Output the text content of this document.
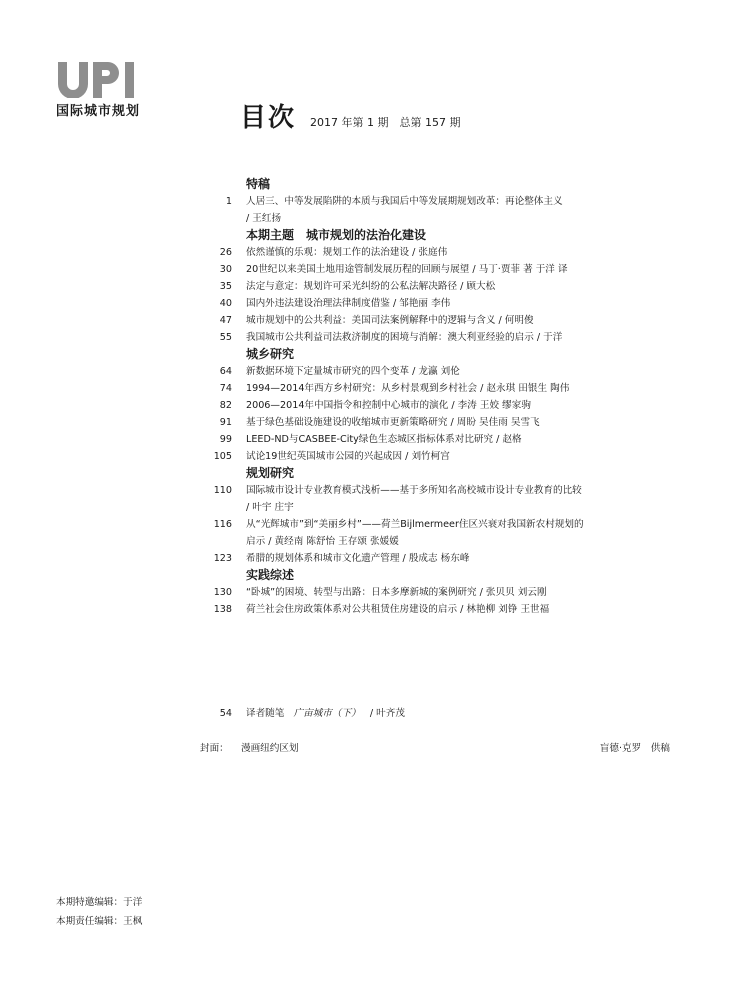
国际城市规划	目次 2017 年第 1 期　总第 157 期
特稿
1	人居三、中等发展陷阱的本质与我国后中等发展期规划改革：再论整体主义
/ 王红扬
本期主题　城市规划的法治化建设
26	依然谨慎的乐观：规划工作的法治建设 / 张庭伟
30	20世纪以来美国土地用途管制发展历程的回顾与展望 / 马丁·贾菲 著 于洋 译
35	法定与意定：规划许可采光纠纷的公私法解决路径 / 顾大松
40	国内外违法建设治理法律制度借鉴 / 邹艳丽 李伟
47	城市规划中的公共利益：美国司法案例解释中的逻辑与含义 / 何明俊
55	我国城市公共利益司法救济制度的困境与消解：澳大利亚经验的启示 / 于洋
城乡研究
64	新数据环境下定量城市研究的四个变革 / 龙瀛 刘伦
74	1994—2014年西方乡村研究：从乡村景观到乡村社会 / 赵永琪 田银生 陶伟
82	2006—2014年中国指令和控制中心城市的演化 / 李涛 王姣 缪家驹
91	基于绿色基础设施建设的收缩城市更新策略研究 / 周盼 吴佳雨 吴雪飞
99	LEED-ND与CASBEE-City绿色生态城区指标体系对比研究 / 赵格
105	试论19世纪英国城市公园的兴起成因 / 刘竹柯宫
规划研究
110	国际城市设计专业教育模式浅析——基于多所知名高校城市设计专业教育的比较
/ 叶宇 庄宇
116	从“光辉城市”到“美丽乡村”——荷兰Bijlmermeer住区兴衰对我国新农村规划的
启示 / 黄经南 陈舒怡 王存颂 张媛媛
123	希腊的规划体系和城市文化遗产管理 / 殷成志 杨东峰
实践综述
130	“卧城”的困境、转型与出路：日本多摩新城的案例研究 / 张贝贝 刘云刚
138	荷兰社会住房政策体系对公共租赁住房建设的启示 / 林艳柳 刘铮 王世福
54	译者随笔 广亩城市（下） / 叶齐茂
封面： 漫画纽约区划	盲德·克罗　供稿
本期特邀编辑：于洋
本期责任编辑：王枫
